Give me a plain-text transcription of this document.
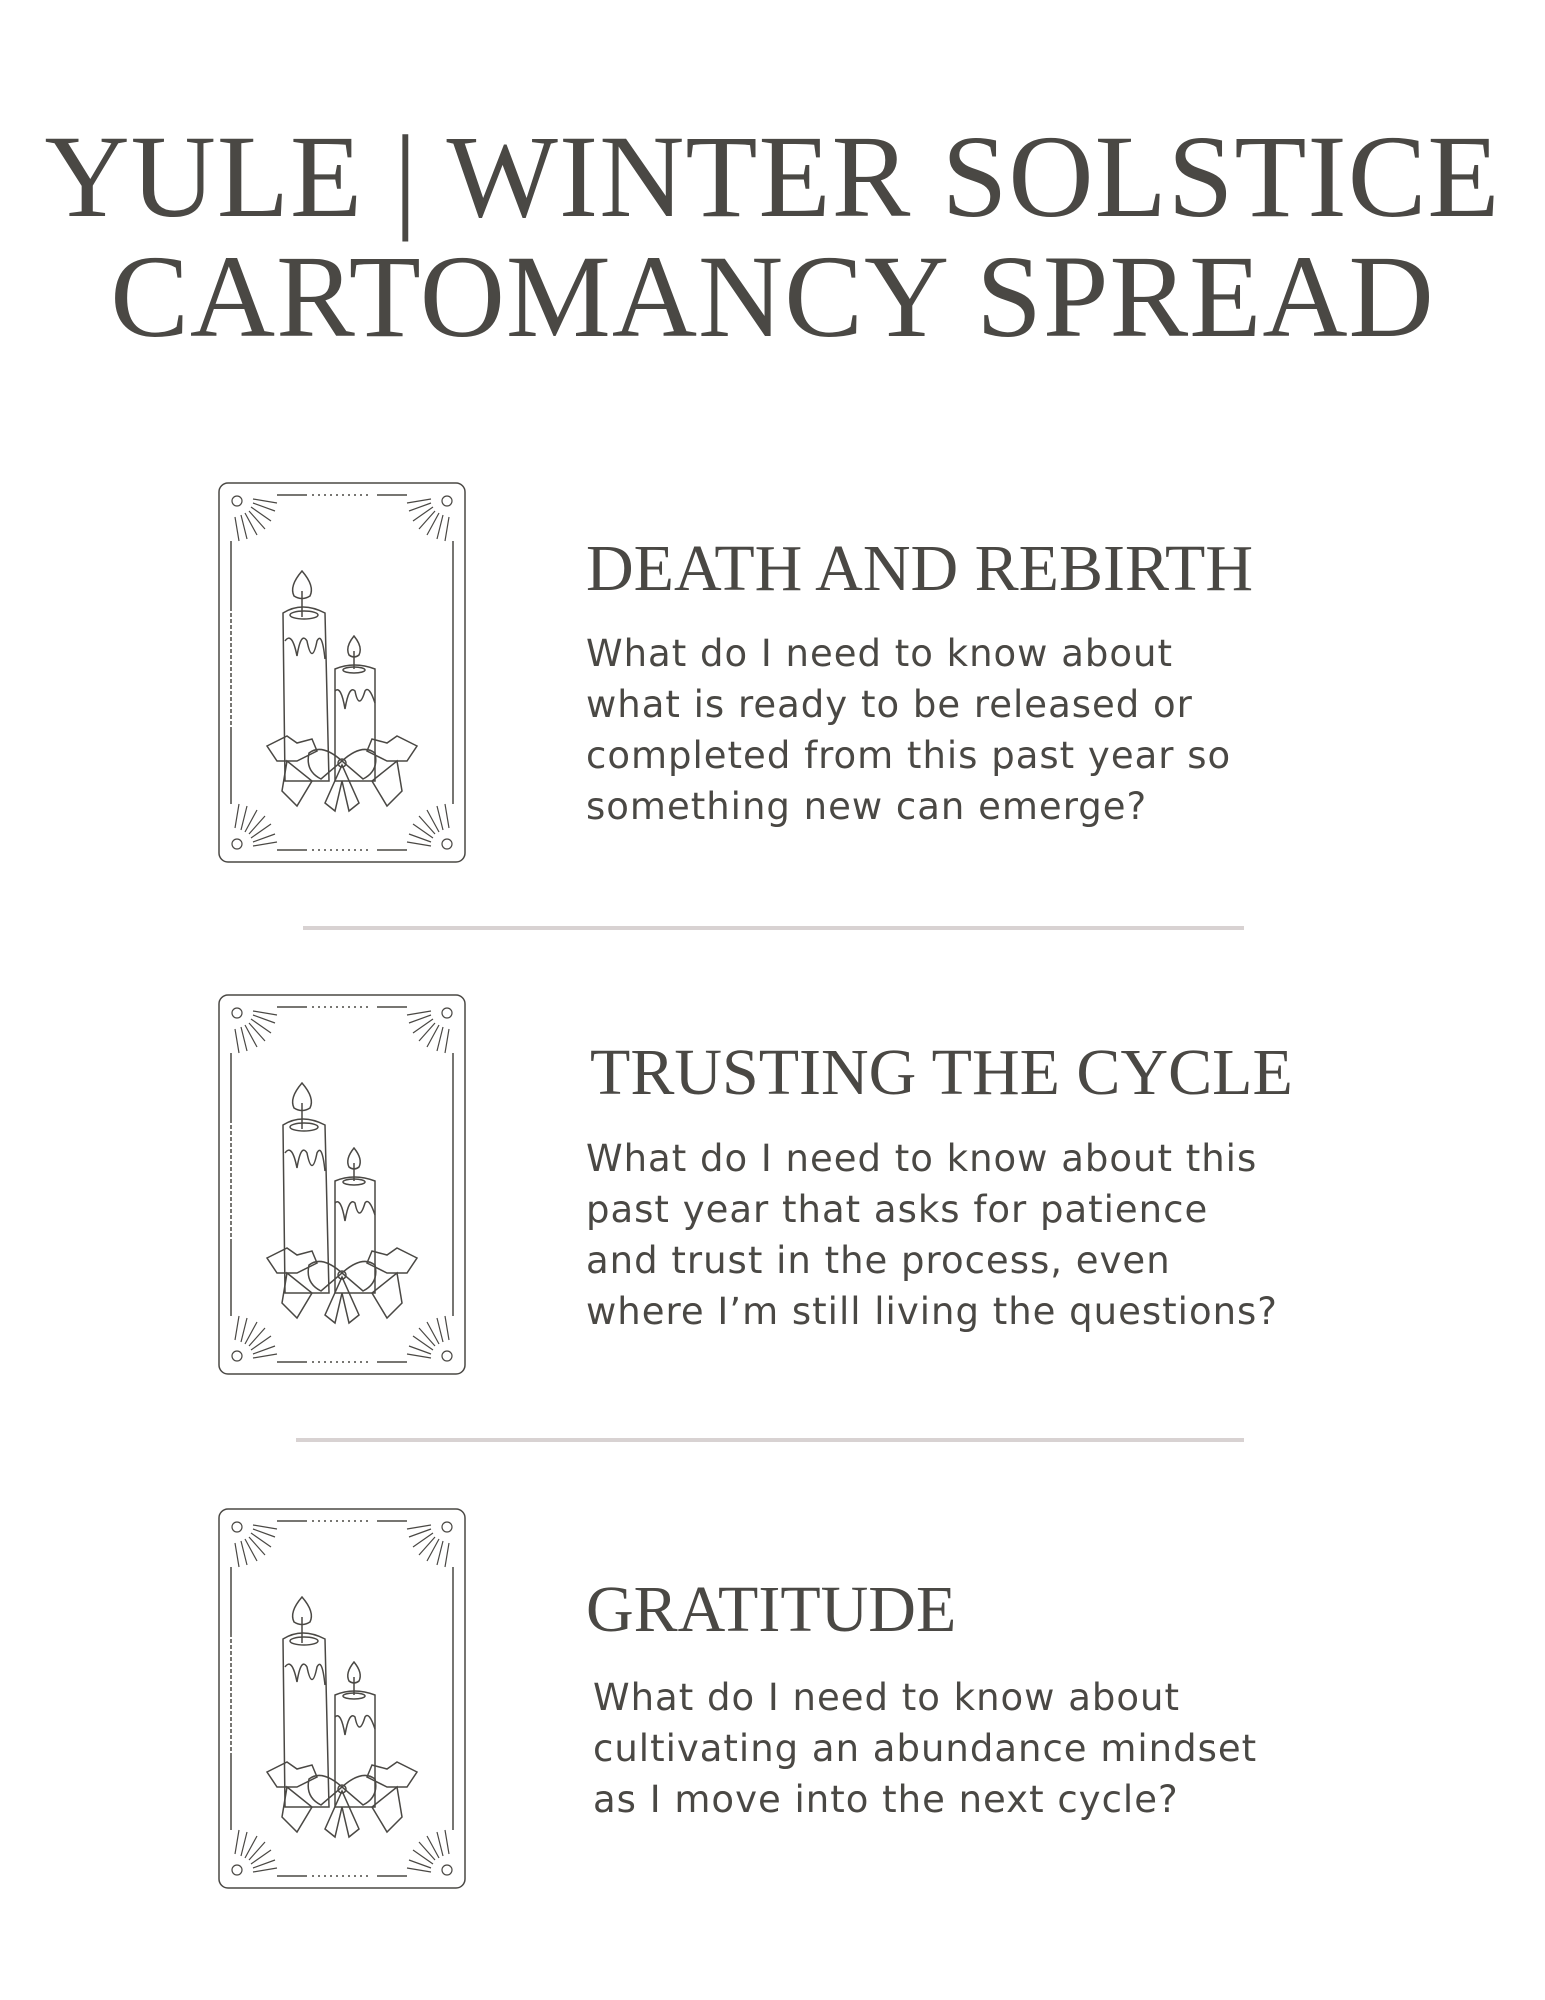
YULE | WINTER SOLSTICE
CARTOMANCY SPREAD
DEATH AND REBIRTH
What do I need to know about
what is ready to be released or
completed from this past year so
something new can emerge?
TRUSTING THE CYCLE
What do I need to know about this
past year that asks for patience
and trust in the process, even
where I’m still living the questions?
GRATITUDE
What do I need to know about
cultivating an abundance mindset
as I move into the next cycle?
